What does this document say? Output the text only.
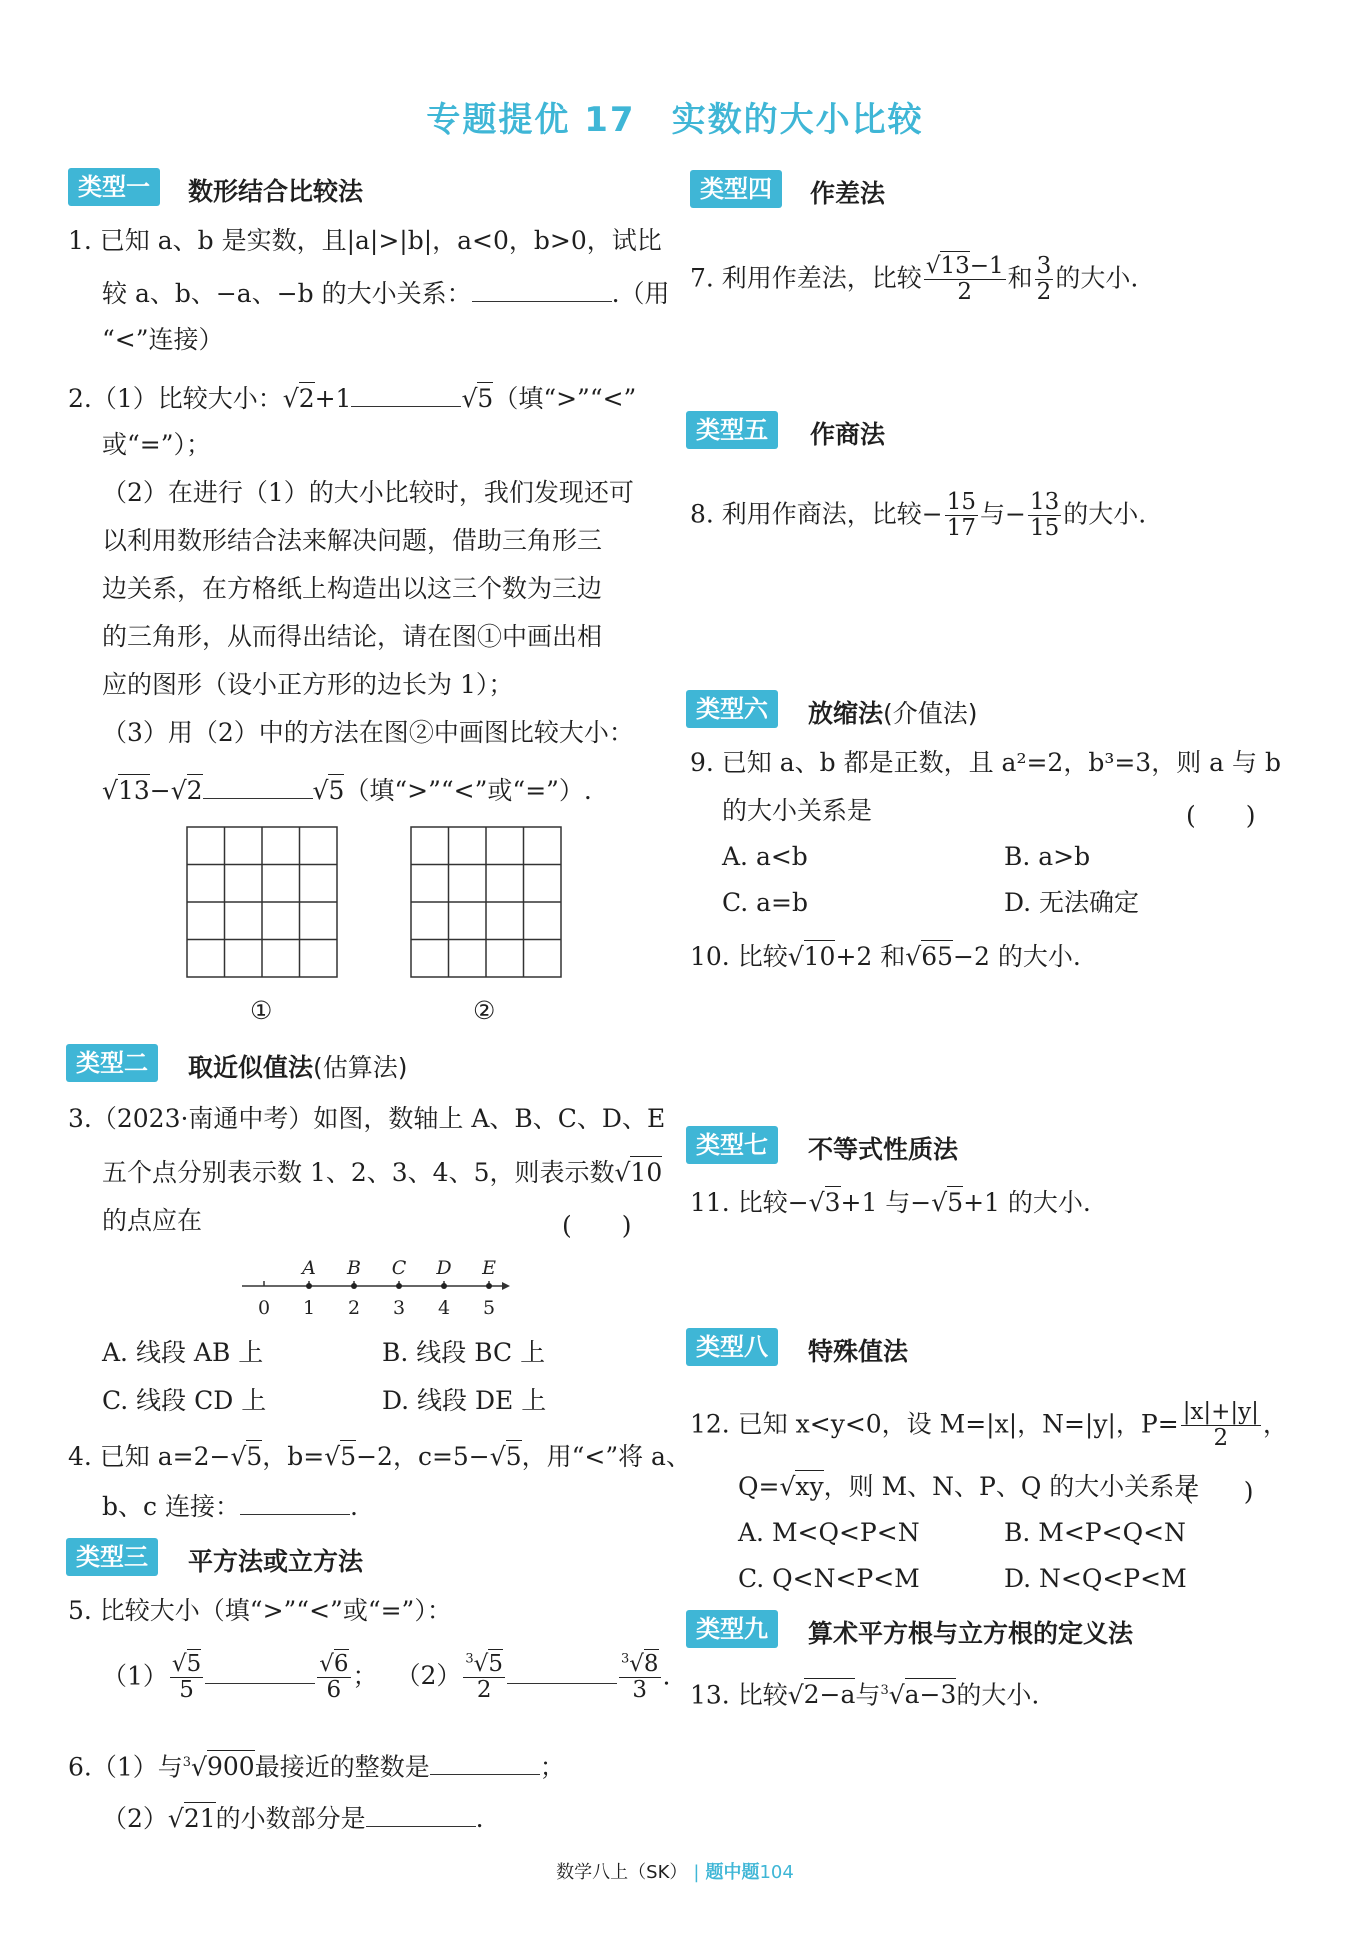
专题提优 17　实数的大小比较
类型一	数形结合比较法
1. 已知 a、b 是实数，且|a|>|b|，a<0，b>0，试比
较 a、b、−a、−b 的大小关系：	.（用
“<”连接）
2.（1）比较大小：√2+1	√5（填“>”“<”
或“=”）；
（2）在进行（1）的大小比较时，我们发现还可
以利用数形结合法来解决问题，借助三角形三
边关系，在方格纸上构造出以这三个数为三边
的三角形，从而得出结论，请在图①中画出相
应的图形（设小正方形的边长为 1）；
（3）用（2）中的方法在图②中画图比较大小：
√13−√2	√5（填“>”“<”或“=”）.
①	②
类型二	取近似值法(估算法)
3.（2023·南通中考）如图，数轴上 A、B、C、D、E
五个点分别表示数 1、2、3、4、5，则表示数√10
的点应在	(　　)
0 1 2 3 4 5
A B C D E
A. 线段 AB 上	B. 线段 BC 上
C. 线段 CD 上	D. 线段 DE 上
4. 已知 a=2−√5，b=√5−2，c=5−√5，用“<”将 a、
b、c 连接：	.
类型三	平方法或立方法
5. 比较大小（填“>”“<”或“=”）：
$(1) \frac{√5}{5}$	$\frac{√6}{6}$ ； $(2) \frac{^3√5}{2}$	$\frac{^3√8}{3}$ .
6.（1）与$^3$√900最接近的整数是	；
（2）√21的小数部分是	.
类型四	作差法
7. 利用作差法，比较 $\frac{√13-1}{2}$ 和 $\frac{3}{2}$ 的大小.
类型五	作商法
8. 利用作商法，比较− $\frac{15}{17}$ 与− $\frac{13}{15}$ 的大小.
类型六	放缩法(介值法)
9. 已知 a、b 都是正数，且 a²=2，b³=3，则 a 与 b
的大小关系是	(　　)
A. a<b	B. a>b
C. a=b	D. 无法确定
10. 比较√10+2 和√65−2 的大小.
类型七	不等式性质法
11. 比较−√3+1 与−√5+1 的大小.
类型八	特殊值法
12. 已知 x<y<0，设 M=|x|，N=|y|，$P= \frac{|x|+|y|}{2}$ ，
Q=√xy，则 M、N、P、Q 的大小关系是
(　　)
A. M<Q<P<N	B. M<P<Q<N
C. Q<N<P<M	D. N<Q<P<M
类型九	算术平方根与立方根的定义法
13. 比较√2−a与$^3$√a−3的大小.
数学八上（SK） | 题中题104
